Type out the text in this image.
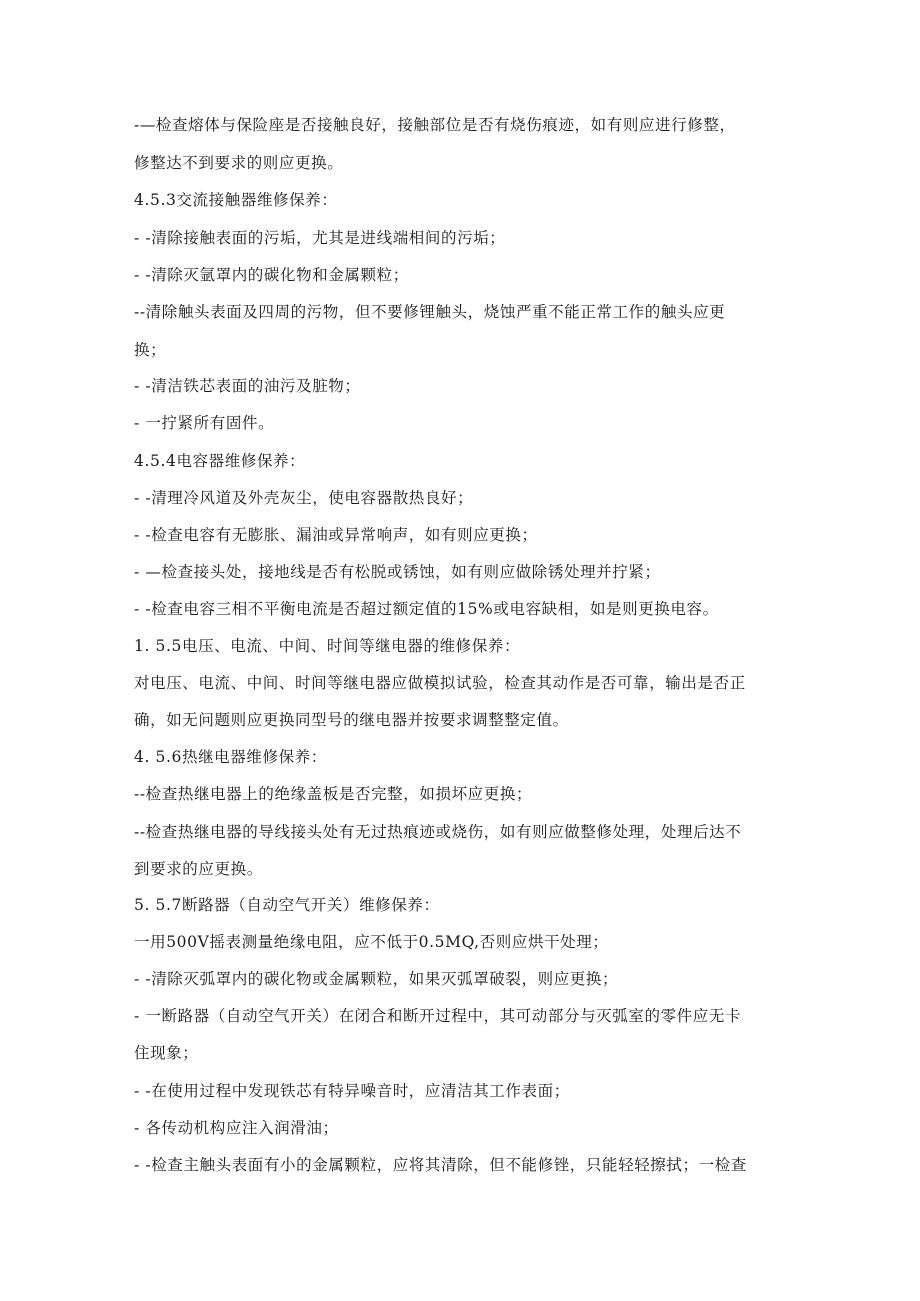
-—检查熔体与保险座是否接触良好，接触部位是否有烧伤痕迹，如有则应进行修整，
修整达不到要求的则应更换。
4.5.3交流接触器维修保养：
- -清除接触表面的污垢，尤其是进线端相间的污垢；
- -清除灭氩罩内的碳化物和金属颗粒；
--清除触头表面及四周的污物，但不要修锂触头，烧蚀严重不能正常工作的触头应更
换；
- -清洁铁芯表面的油污及脏物；
- 一拧紧所有固件。
4.5.4电容器维修保养：
- -清理冷风道及外壳灰尘，使电容器散热良好；
- -检查电容有无膨胀、漏油或异常响声，如有则应更换；
- —检查接头处，接地线是否有松脱或锈蚀，如有则应做除锈处理并拧紧；
- -检查电容三相不平衡电流是否超过额定值的15%或电容缺相，如是则更换电容。
1. 5.5电压、电流、中间、时间等继电器的维修保养：
对电压、电流、中间、时间等继电器应做模拟试验，检查其动作是否可靠，输出是否正
确，如无问题则应更换同型号的继电器并按要求调整整定值。
4. 5.6热继电器维修保养：
--检查热继电器上的绝缘盖板是否完整，如损坏应更换；
--检查热继电器的导线接头处有无过热痕迹或烧伤，如有则应做整修处理，处理后达不
到要求的应更换。
5. 5.7断路器（自动空气开关）维修保养：
一用500V摇表测量绝缘电阻，应不低于0.5MQ,否则应烘干处理；
- -清除灭弧罩内的碳化物或金属颗粒，如果灭弧罩破裂，则应更换；
- 一断路器（自动空气开关）在闭合和断开过程中，其可动部分与灭弧室的零件应无卡
住现象；
- -在使用过程中发现铁芯有特异噪音时，应清洁其工作表面；
- 各传动机构应注入润滑油；
- -检查主触头表面有小的金属颗粒，应将其清除，但不能修锉，只能轻轻擦拭；一检查
